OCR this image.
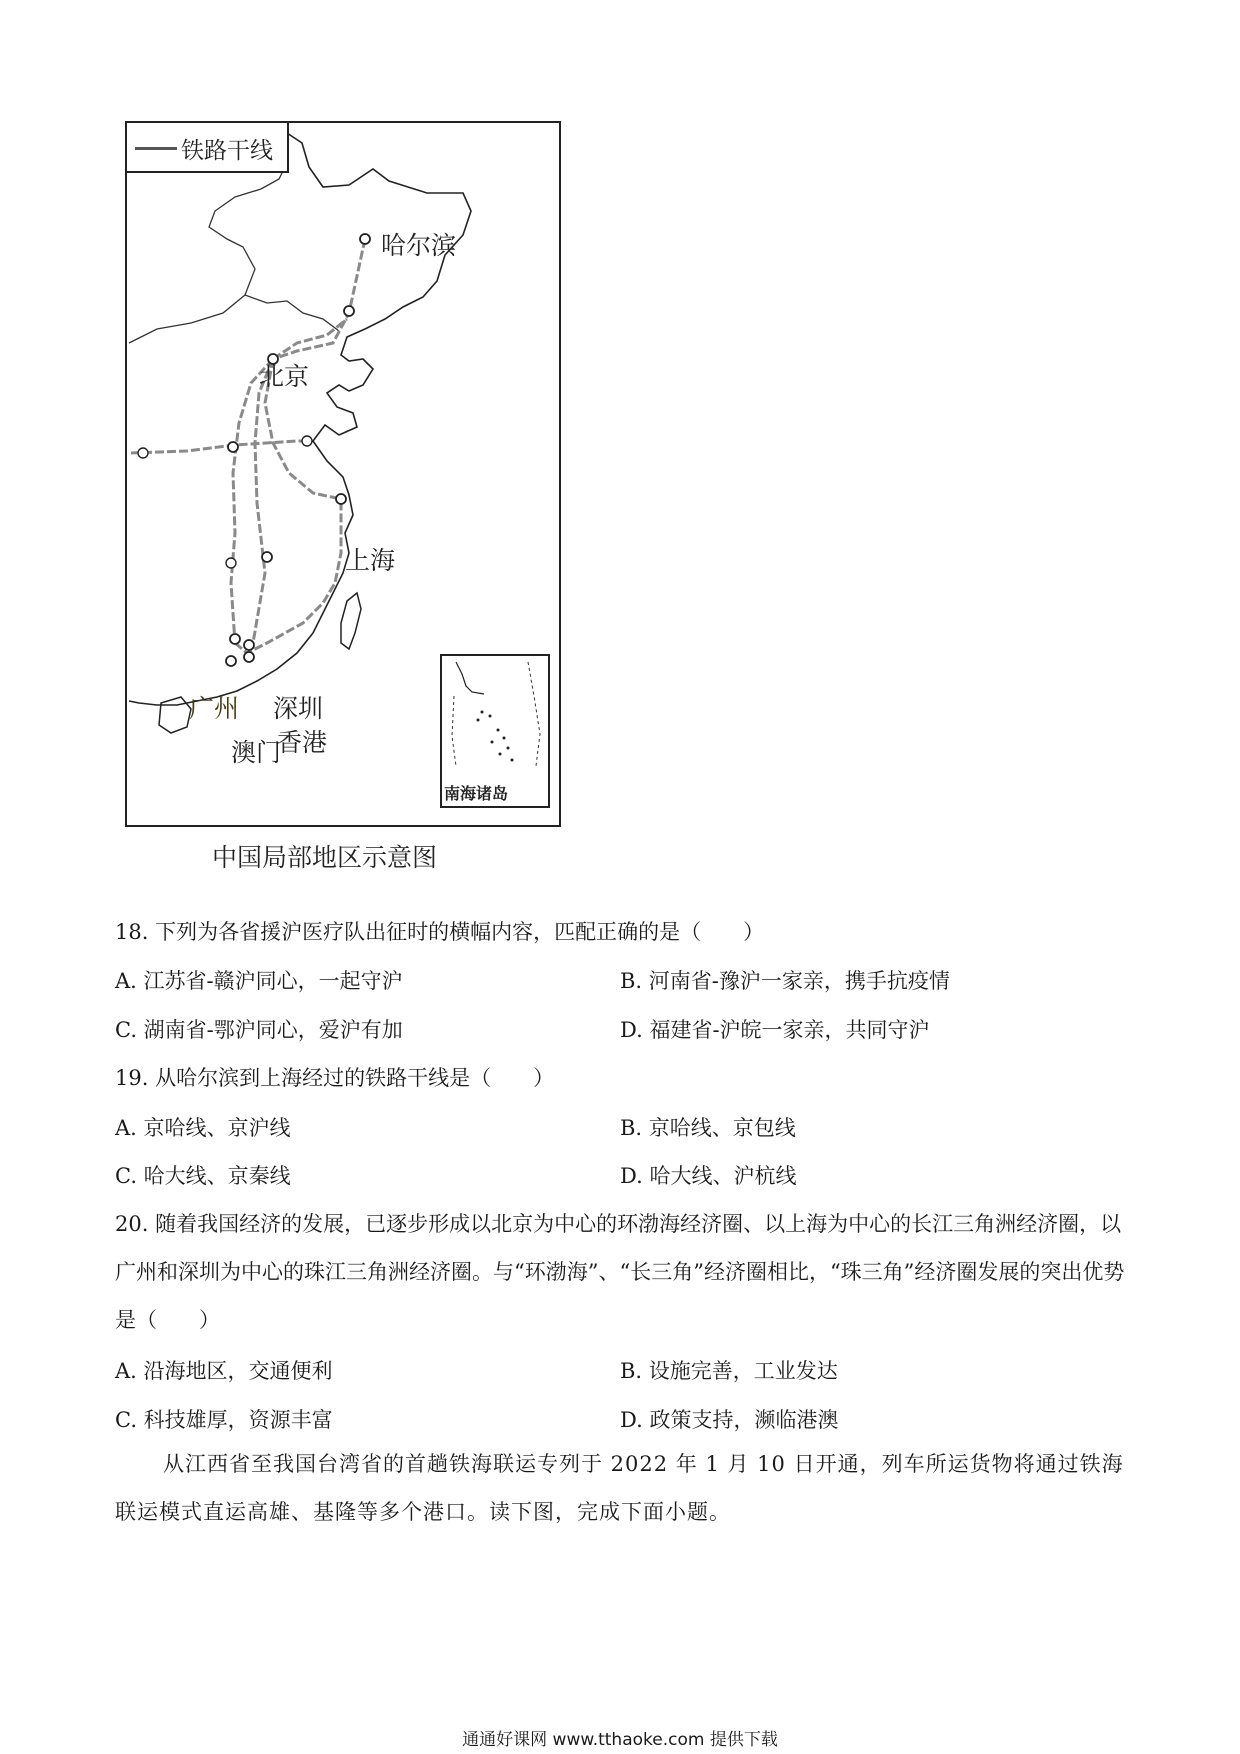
铁路干线
哈尔滨
北京
上海
广州 深圳
香港
澳门
南海诸岛
中国局部地区示意图
18. 下列为各省援沪医疗队出征时的横幅内容，匹配正确的是（　　）
A. 江苏省-赣沪同心，一起守沪	B. 河南省-豫沪一家亲，携手抗疫情
C. 湖南省-鄂沪同心，爱沪有加	D. 福建省-沪皖一家亲，共同守沪
19. 从哈尔滨到上海经过的铁路干线是（　　）
A. 京哈线、京沪线	B. 京哈线、京包线
C. 哈大线、京秦线	D. 哈大线、沪杭线
20. 随着我国经济的发展，已逐步形成以北京为中心的环渤海经济圈、以上海为中心的长江三角洲经济圈，以广州和深圳为中心的珠江三角洲经济圈。与“环渤海”、“长三角”经济圈相比，“珠三角”经济圈发展的突出优势是（　　）
A. 沿海地区，交通便利	B. 设施完善，工业发达
C. 科技雄厚，资源丰富	D. 政策支持，濒临港澳
从江西省至我国台湾省的首趟铁海联运专列于 2022 年 1 月 10 日开通，列车所运货物将通过铁海联运模式直运高雄、基隆等多个港口。读下图，完成下面小题。
通通好课网 www.tthaoke.com 提供下载
